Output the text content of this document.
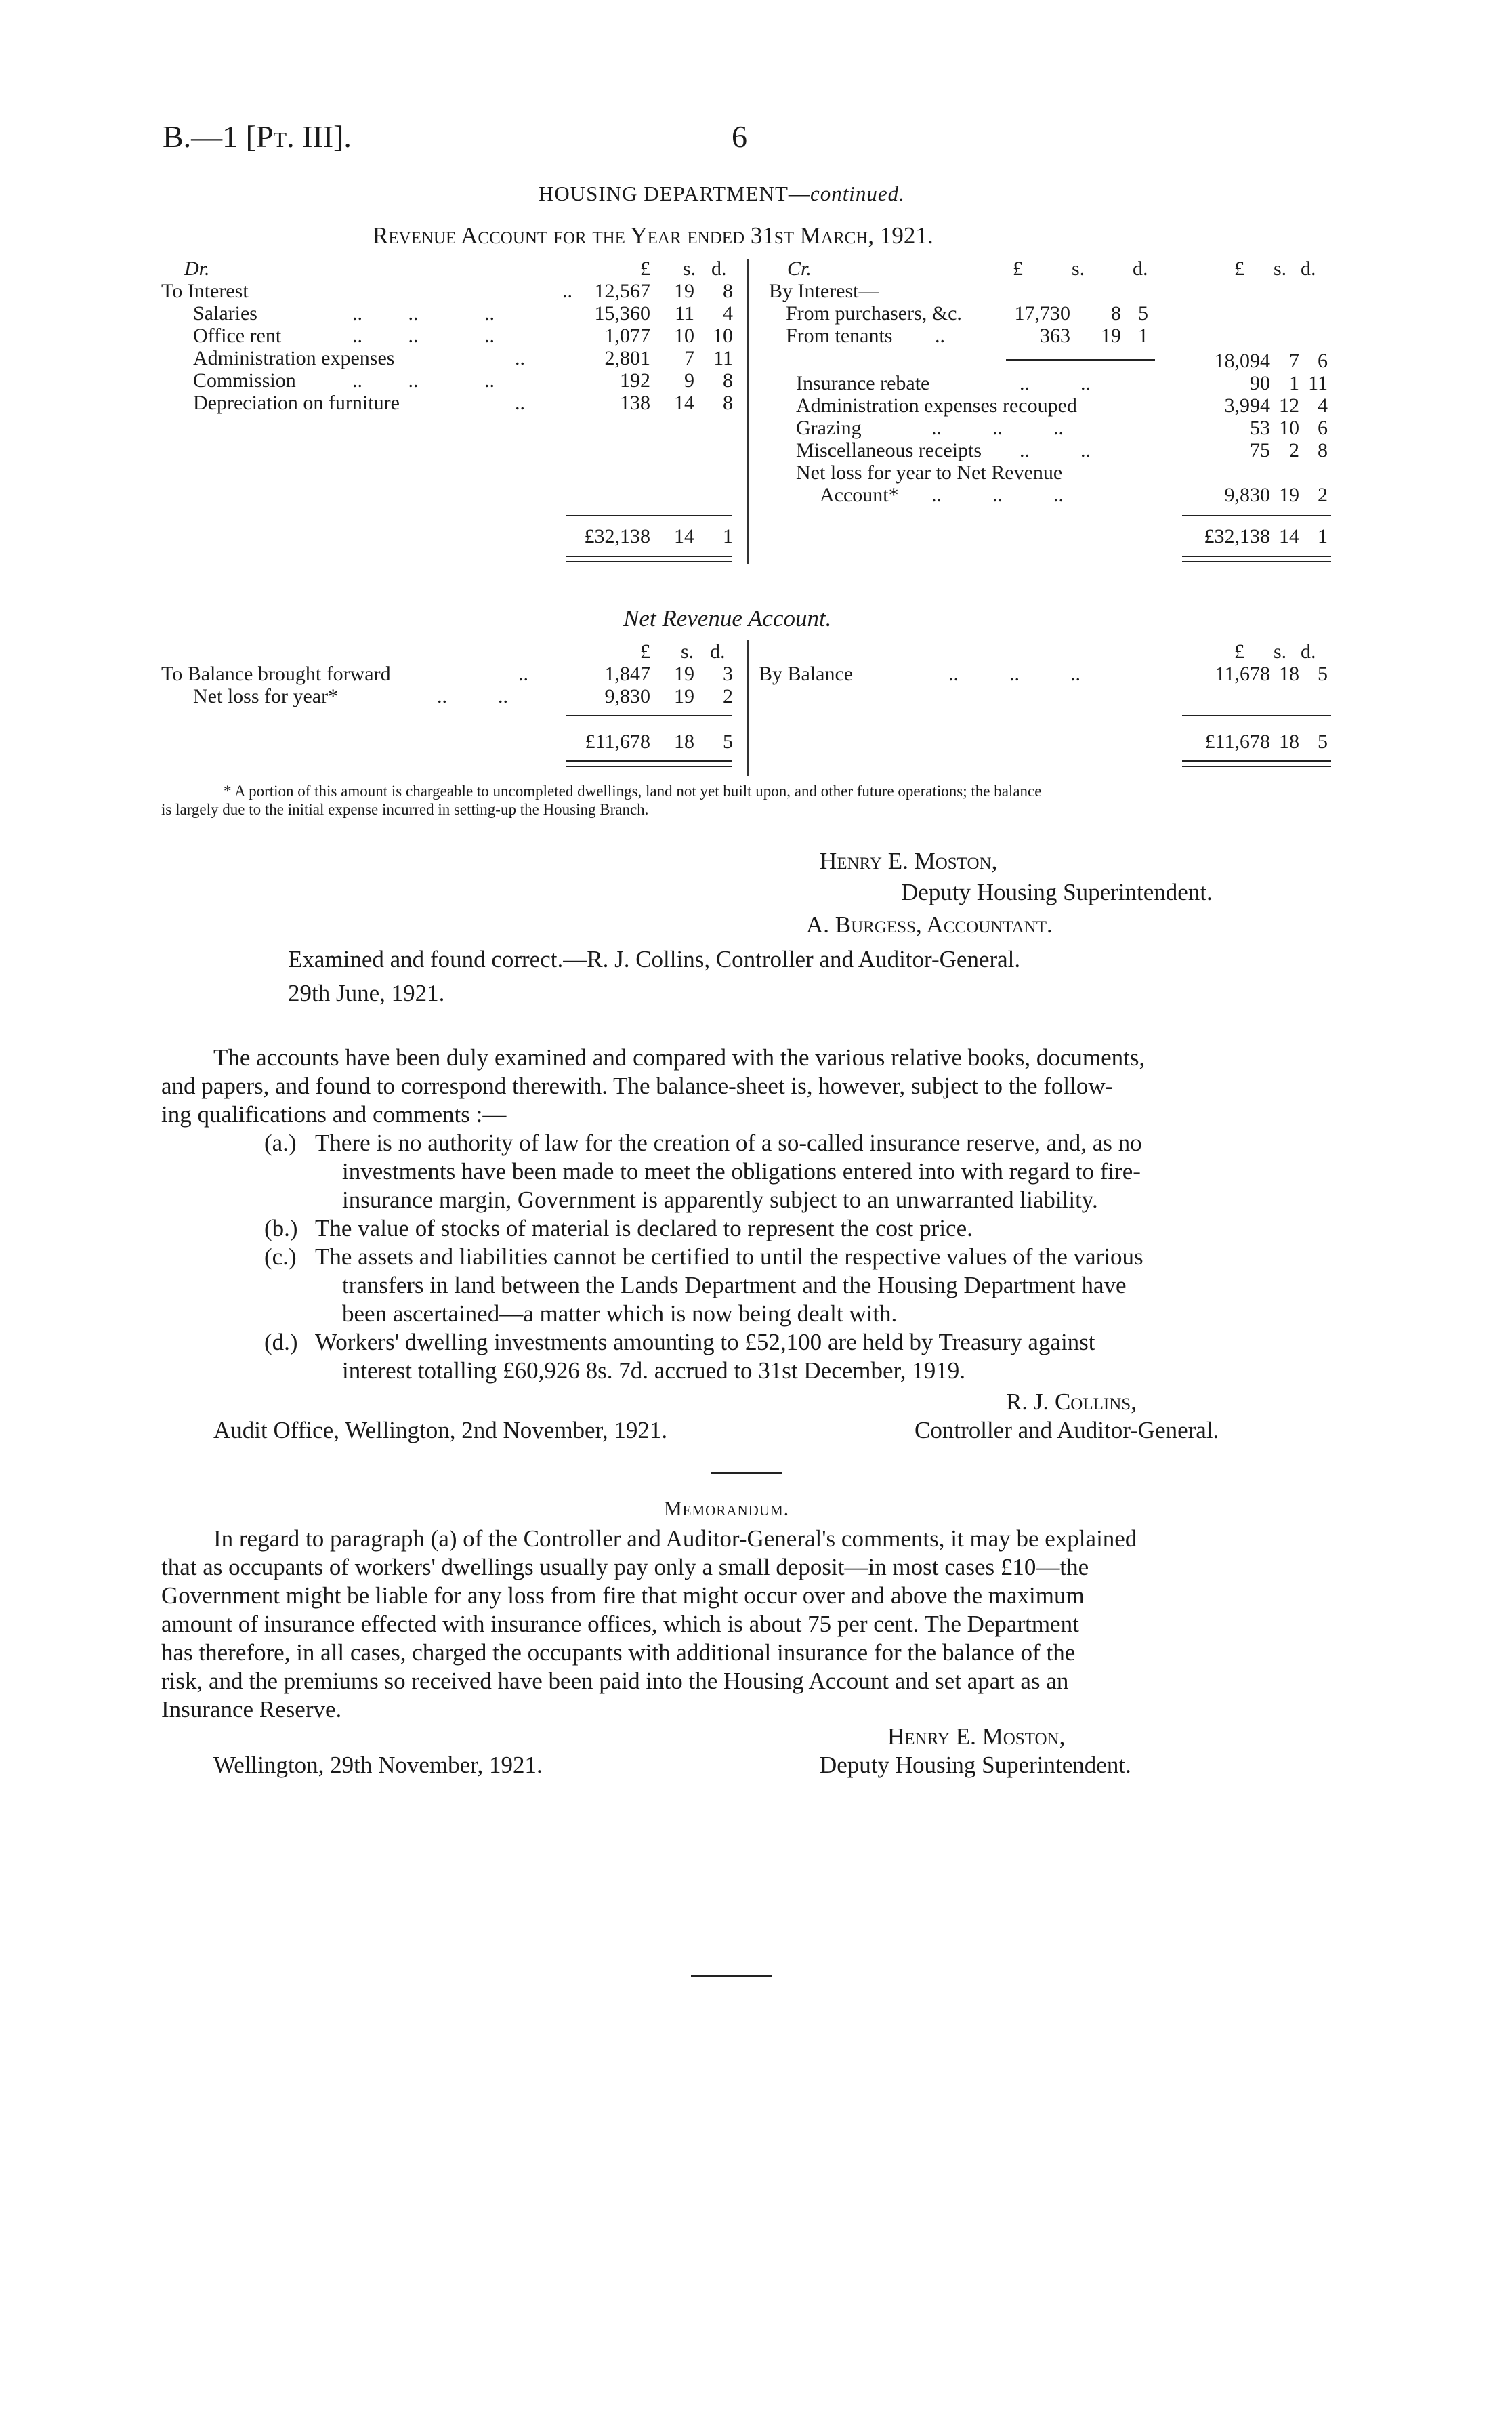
B.—1 [Pt. III].	6
HOUSING DEPARTMENT—continued.
Revenue Account for the Year ended 31st March, 1921.
Dr.	Cr.
£ s. d.	£ s. d.	£ s. d.
To Interest	.. 12,567 19 8
Salaries	..         ..             ..	15,360 11 4
Office rent	..         ..             ..	1,077 10 10
Administration expenses	..	2,801 7 11
Commission	..         ..             ..	192 9 8
Depreciation on furniture	..	138 14 8
£32,138 14 1
By Interest—
From purchasers, &c.	17,730 8 5
From tenants ..	363 19 1
18,094 7 6
Insurance rebate	..          ..	90 1 11
Administration expenses recouped	3,994 12 4
Grazing	..          ..          ..	53 10 6
Miscellaneous receipts ..          ..	75 2 8
Net loss for year to Net Revenue
Account* ..          ..          ..	9,830 19 2
£32,138 14 1
Net Revenue Account.
£ s. d.	£ s. d.
To Balance brought forward	..	1,847 19 3
Net loss for year*	..          ..	9,830 19 2
£11,678 18 5
By Balance	..          ..          ..	11,678 18 5
£11,678 18 5
* A portion of this amount is chargeable to uncompleted dwellings, land not yet built upon, and other future operations; the balance
is largely due to the initial expense incurred in setting-up the Housing Branch.
Henry E. Moston,
Deputy Housing Superintendent.
A. Burgess, Accountant.
Examined and found correct.—R. J. Collins, Controller and Auditor-General.
29th June, 1921.
The accounts have been duly examined and compared with the various relative books, documents,
and papers, and found to correspond therewith. The balance-sheet is, however, subject to the follow-
ing qualifications and comments :—
(a.) There is no authority of law for the creation of a so-called insurance reserve, and, as no
investments have been made to meet the obligations entered into with regard to fire-
insurance margin, Government is apparently subject to an unwarranted liability.
(b.) The value of stocks of material is declared to represent the cost price.
(c.) The assets and liabilities cannot be certified to until the respective values of the various
transfers in land between the Lands Department and the Housing Department have
been ascertained—a matter which is now being dealt with.
(d.) Workers' dwelling investments amounting to £52,100 are held by Treasury against
interest totalling £60,926 8s. 7d. accrued to 31st December, 1919.
R. J. Collins,
Controller and Auditor-General.
Audit Office, Wellington, 2nd November, 1921.
Memorandum.
In regard to paragraph (a) of the Controller and Auditor-General's comments, it may be explained
that as occupants of workers' dwellings usually pay only a small deposit—in most cases £10—the
Government might be liable for any loss from fire that might occur over and above the maximum
amount of insurance effected with insurance offices, which is about 75 per cent. The Department
has therefore, in all cases, charged the occupants with additional insurance for the balance of the
risk, and the premiums so received have been paid into the Housing Account and set apart as an
Insurance Reserve.
Henry E. Moston,
Deputy Housing Superintendent.
Wellington, 29th November, 1921.
